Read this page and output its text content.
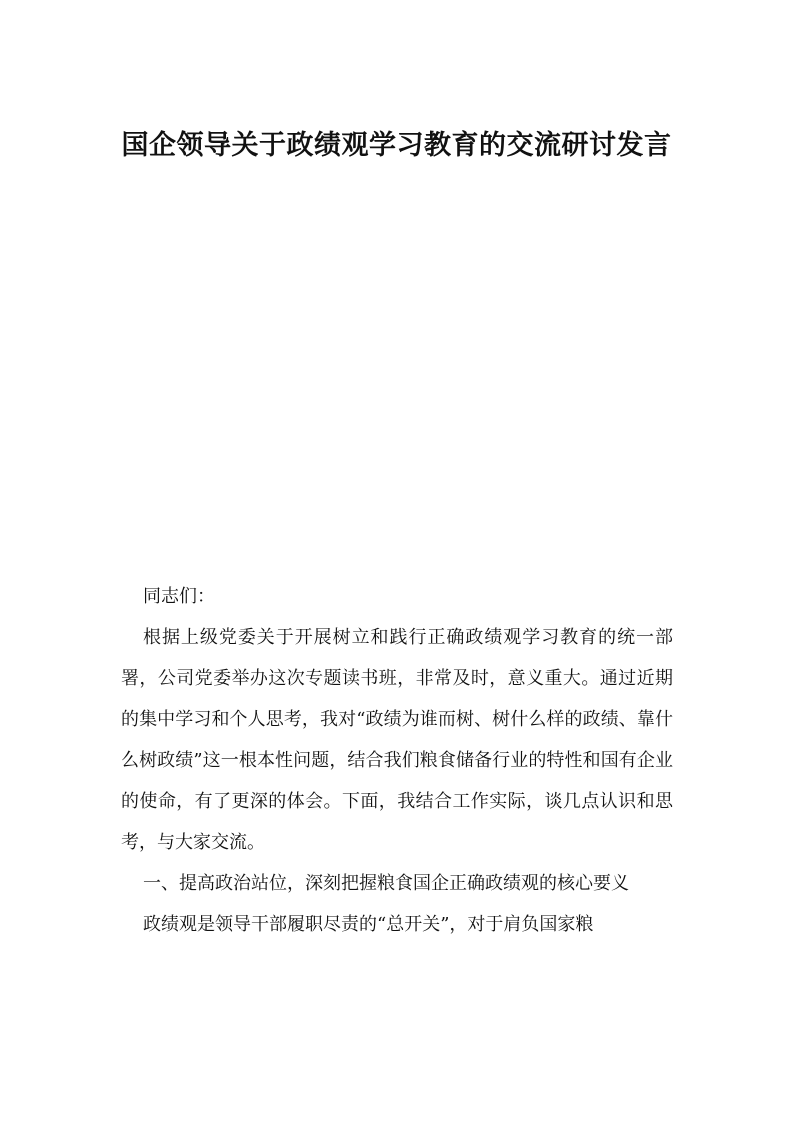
国企领导关于政绩观学习教育的交流研讨发言

同志们：

根据上级党委关于开展树立和践行正确政绩观学习教育的统一部署，公司党委举办这次专题读书班，非常及时，意义重大。通过近期的集中学习和个人思考，我对“政绩为谁而树、树什么样的政绩、靠什么树政绩”这一根本性问题，结合我们粮食储备行业的特性和国有企业的使命，有了更深的体会。下面，我结合工作实际，谈几点认识和思考，与大家交流。

一、提高政治站位，深刻把握粮食国企正确政绩观的核心要义

政绩观是领导干部履职尽责的“总开关”，对于肩负国家粮
